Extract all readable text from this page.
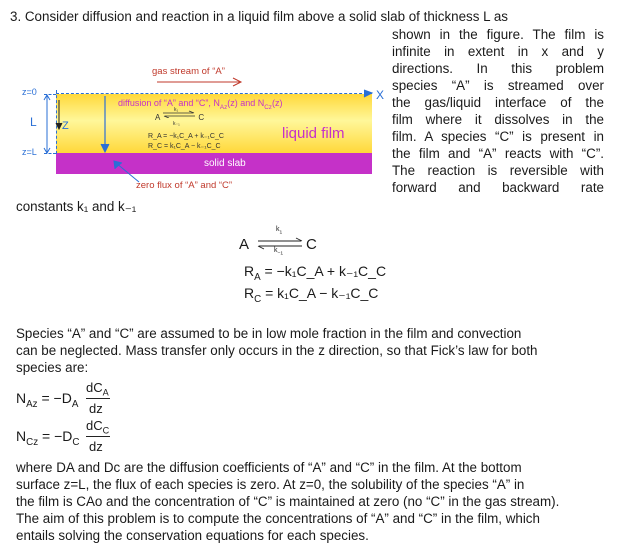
3. Consider diffusion and reaction in a liquid film above a solid slab of thickness L as
shown in the figure. The film is
infinite in extent in x and y
directions. In this problem
species “A” is streamed over
the gas/liquid interface of the
film where it dissolves in the
film. A species “C” is present in
the film and “A” reacts with “C”.
The reaction is reversible with
forward and backward rate
constants k₁ and k₋₁
gas stream of “A”
z=0
z=L
L Z
X
diffusion of “A” and “C”, $N_{Az}(z)$ and $N_{Cz}(z)$
A	C
k₁
k₋₁
R_A = −k₁C_A + k₋₁C_C
R_C = k₁C_A − k₋₁C_C
liquid film
solid slab
zero flux of “A” and “C”
A ⇌
$k_1$
$k_{-1}$
C
$R_A$ = −k₁C_A + k₋₁C_C
$R_C$ = k₁C_A − k₋₁C_C
Species “A” and “C” are assumed to be in low mole fraction in the film and convection
can be neglected. Mass transfer only occurs in the z direction, so that Fick’s law for both
species are:
$N_{Az} = -D_A$
$dC_A$
dz
$N_{Cz} = -D_C$
$dC_C$
dz
where DA and Dc are the diffusion coefficients of “A” and “C” in the film. At the bottom
surface z=L, the flux of each species is zero. At z=0, the solubility of the species “A” in
the film is CAo and the concentration of “C” is maintained at zero (no “C” in the gas stream).
The aim of this problem is to compute the concentrations of “A” and “C” in the film, which
entails solving the conservation equations for each species.
